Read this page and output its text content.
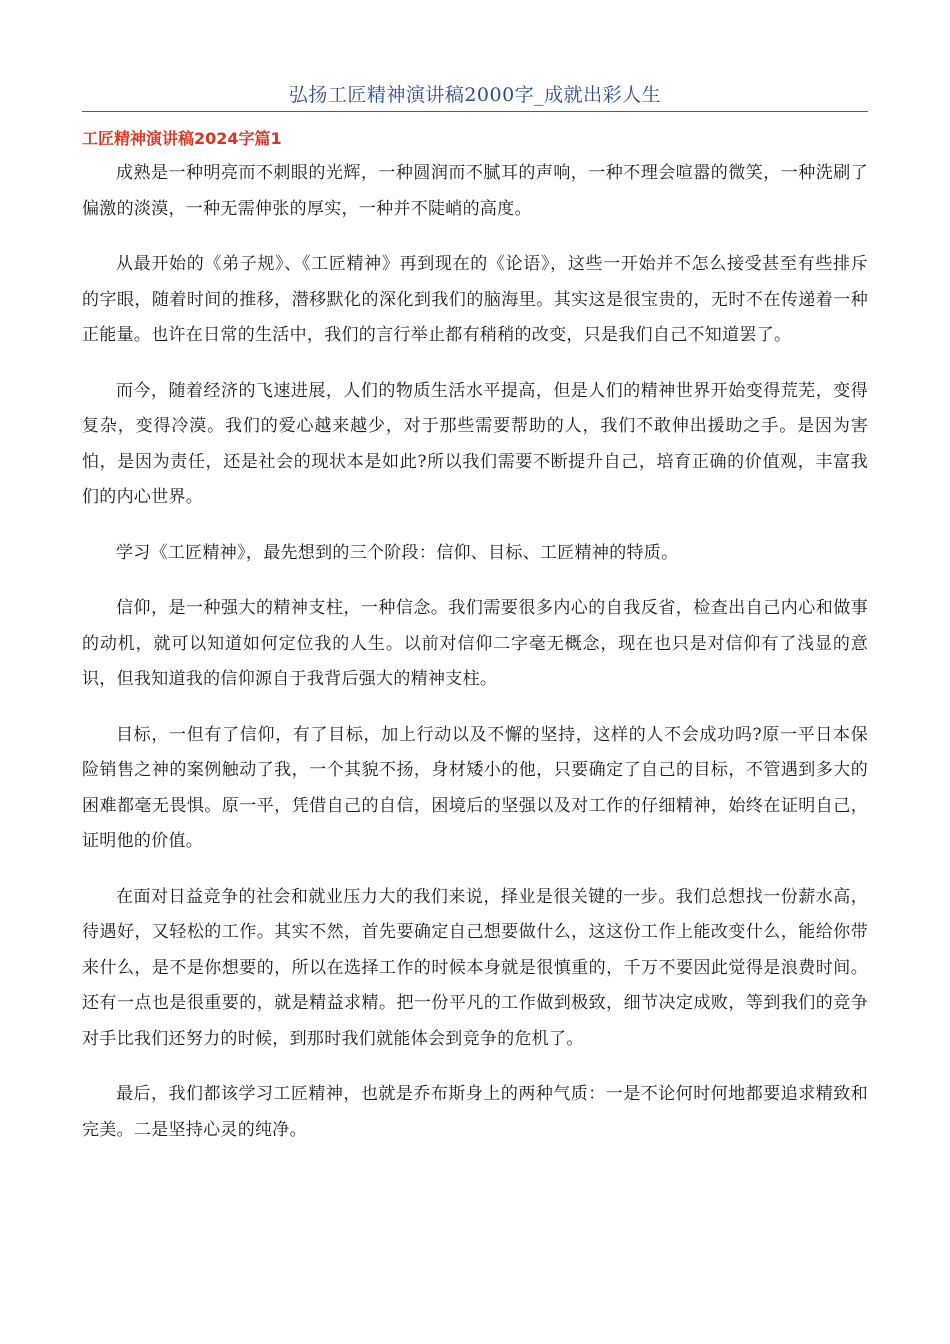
弘扬工匠精神演讲稿2000字_成就出彩人生
工匠精神演讲稿2024字篇1

成熟是一种明亮而不刺眼的光辉，一种圆润而不腻耳的声响，一种不理会喧嚣的微笑，一种洗刷了偏激的淡漠，一种无需伸张的厚实，一种并不陡峭的高度。

从最开始的《弟子规》、《工匠精神》再到现在的《论语》，这些一开始并不怎么接受甚至有些排斥的字眼，随着时间的推移，潜移默化的深化到我们的脑海里。其实这是很宝贵的，无时不在传递着一种正能量。也许在日常的生活中，我们的言行举止都有稍稍的改变，只是我们自己不知道罢了。

而今，随着经济的飞速进展，人们的物质生活水平提高，但是人们的精神世界开始变得荒芜，变得复杂，变得冷漠。我们的爱心越来越少，对于那些需要帮助的人，我们不敢伸出援助之手。是因为害怕，是因为责任，还是社会的现状本是如此?所以我们需要不断提升自己，培育正确的价值观，丰富我们的内心世界。

学习《工匠精神》，最先想到的三个阶段：信仰、目标、工匠精神的特质。

信仰，是一种强大的精神支柱，一种信念。我们需要很多内心的自我反省，检查出自己内心和做事的动机，就可以知道如何定位我的人生。以前对信仰二字毫无概念，现在也只是对信仰有了浅显的意识，但我知道我的信仰源自于我背后强大的精神支柱。

目标，一但有了信仰，有了目标，加上行动以及不懈的坚持，这样的人不会成功吗?原一平日本保险销售之神的案例触动了我，一个其貌不扬，身材矮小的他，只要确定了自己的目标，不管遇到多大的困难都毫无畏惧。原一平，凭借自己的自信，困境后的坚强以及对工作的仔细精神，始终在证明自己，证明他的价值。

在面对日益竞争的社会和就业压力大的我们来说，择业是很关键的一步。我们总想找一份薪水高，待遇好，又轻松的工作。其实不然，首先要确定自己想要做什么，这这份工作上能改变什么，能给你带来什么，是不是你想要的，所以在选择工作的时候本身就是很慎重的，千万不要因此觉得是浪费时间。还有一点也是很重要的，就是精益求精。把一份平凡的工作做到极致，细节决定成败，等到我们的竞争对手比我们还努力的时候，到那时我们就能体会到竞争的危机了。

最后，我们都该学习工匠精神，也就是乔布斯身上的两种气质：一是不论何时何地都要追求精致和完美。二是坚持心灵的纯净。
